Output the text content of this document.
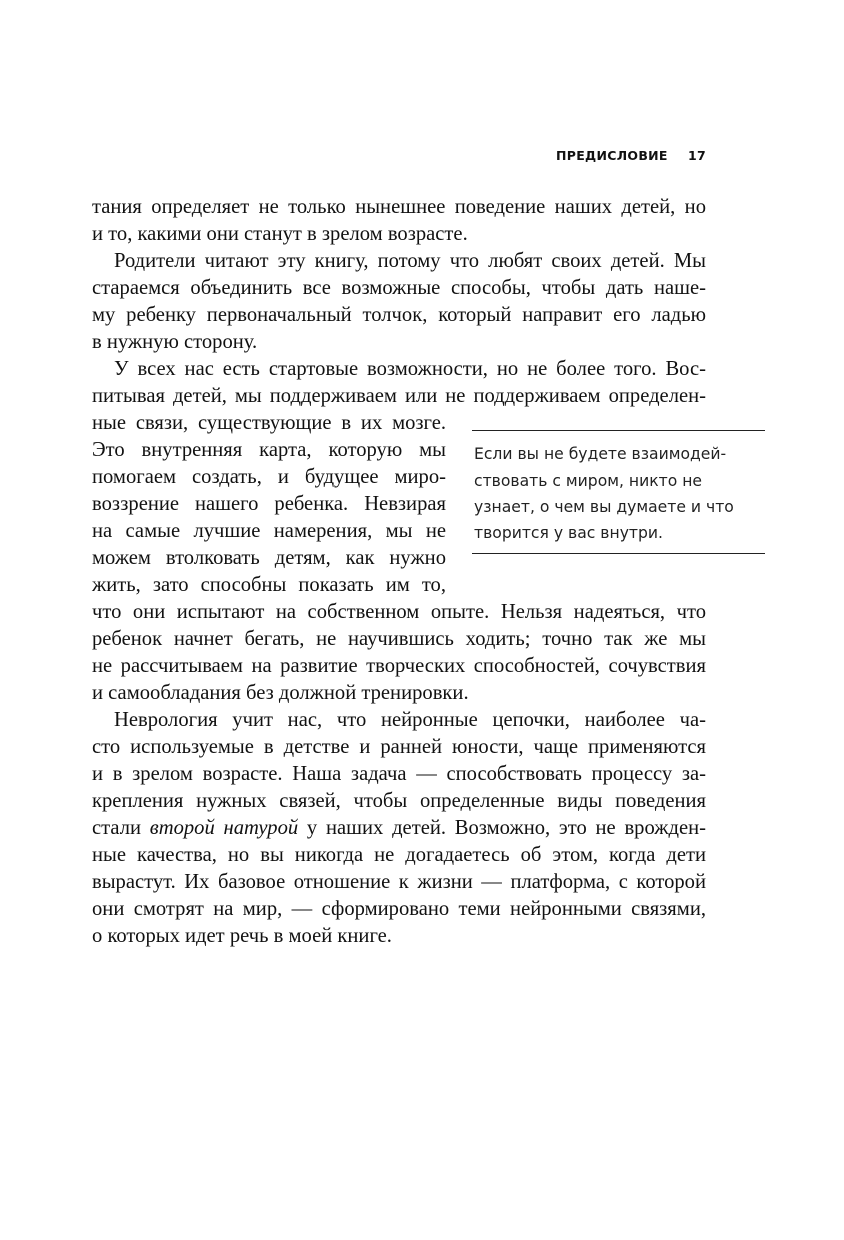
ПРЕДИСЛОВИЕ 17
тания определяет не только нынешнее поведение наших детей, но
и то, какими они станут в зрелом возрасте.
Родители читают эту книгу, потому что любят своих детей. Мы
стараемся объединить все возможные способы, чтобы дать наше-
му ребенку первоначальный толчок, который направит его ладью
в нужную сторону.
У всех нас есть стартовые возможности, но не более того. Вос-
питывая детей, мы поддерживаем или не поддерживаем определен-
ные связи, существующие в их мозге.
Это внутренняя карта, которую мы
помогаем создать, и будущее миро-
воззрение нашего ребенка. Невзирая
на самые лучшие намерения, мы не
можем втолковать детям, как нужно
жить, зато способны показать им то,
что они испытают на собственном опыте. Нельзя надеяться, что
ребенок начнет бегать, не научившись ходить; точно так же мы
не рассчитываем на развитие творческих способностей, сочувствия
и самообладания без должной тренировки.
Неврология учит нас, что нейронные цепочки, наиболее ча-
сто используемые в детстве и ранней юности, чаще применяются
и в зрелом возрасте. Наша задача — способствовать процессу за-
крепления нужных связей, чтобы определенные виды поведения
стали второй натурой у наших детей. Возможно, это не врожден-
ные качества, но вы никогда не догадаетесь об этом, когда дети
вырастут. Их базовое отношение к жизни — платформа, с которой
они смотрят на мир, — сформировано теми нейронными связями,
о которых идет речь в моей книге.
Если вы не будете взаимодей-
ствовать с миром, никто не
узнает, о чем вы думаете и что
творится у вас внутри.
